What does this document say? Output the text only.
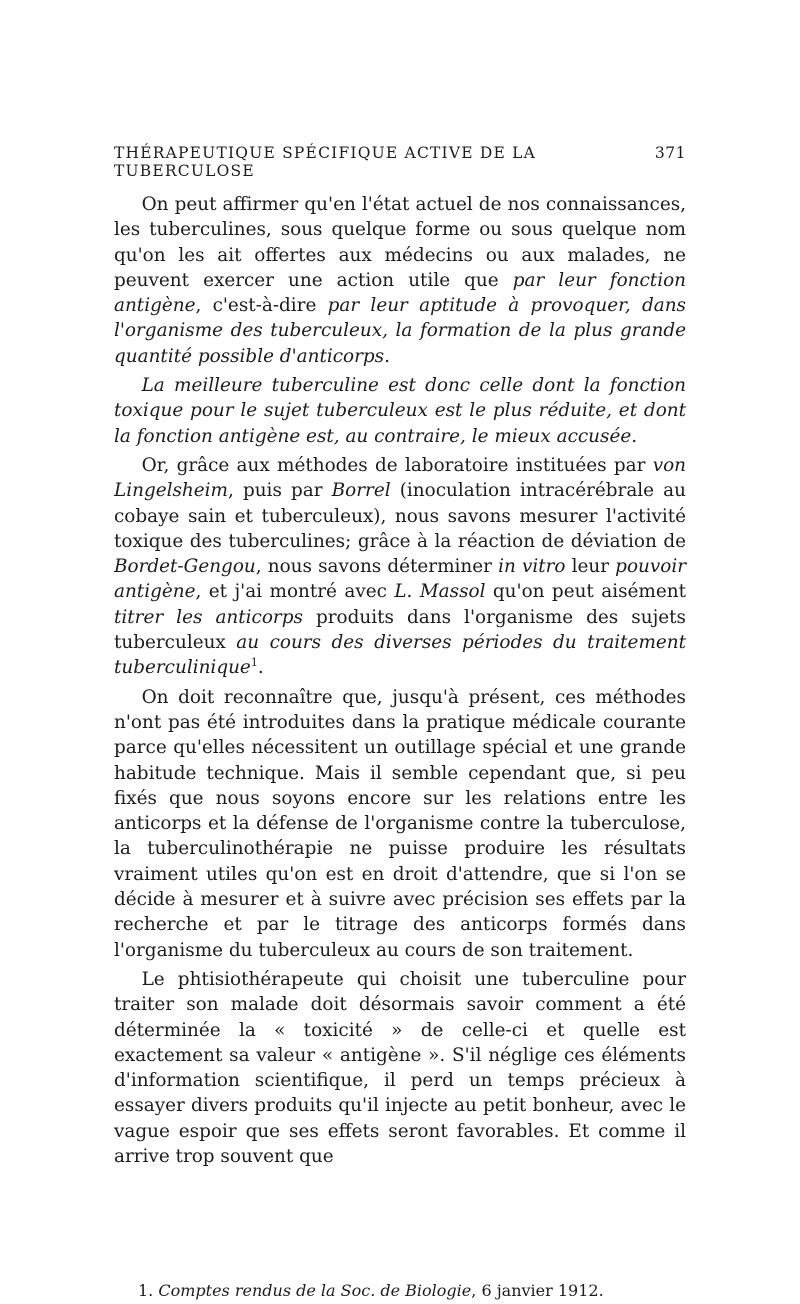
THÉRAPEUTIQUE SPÉCIFIQUE ACTIVE DE LA TUBERCULOSE
371

On peut affirmer qu'en l'état actuel de nos connaissances, les tuberculines, sous quelque forme ou sous quelque nom qu'on les ait offertes aux médecins ou aux malades, ne peuvent exercer une action utile que par leur fonction antigène, c'est-à-dire par leur aptitude à provoquer, dans l'organisme des tuberculeux, la formation de la plus grande quantité possible d'anticorps.

La meilleure tuberculine est donc celle dont la fonction toxique pour le sujet tuberculeux est le plus réduite, et dont la fonction antigène est, au contraire, le mieux accusée.

Or, grâce aux méthodes de laboratoire instituées par von Lingelsheim, puis par Borrel (inoculation intracérébrale au cobaye sain et tuberculeux), nous savons mesurer l'activité toxique des tuberculines; grâce à la réaction de déviation de Bordet-Gengou, nous savons déterminer in vitro leur pouvoir antigène, et j'ai montré avec L. Massol qu'on peut aisément titrer les anticorps produits dans l'organisme des sujets tuberculeux au cours des diverses périodes du traitement tuberculinique$^1$.

On doit reconnaître que, jusqu'à présent, ces méthodes n'ont pas été introduites dans la pratique médicale courante parce qu'elles nécessitent un outillage spécial et une grande habitude technique. Mais il semble cependant que, si peu fixés que nous soyons encore sur les relations entre les anticorps et la défense de l'organisme contre la tuberculose, la tuberculinothérapie ne puisse produire les résultats vraiment utiles qu'on est en droit d'attendre, que si l'on se décide à mesurer et à suivre avec précision ses effets par la recherche et par le titrage des anticorps formés dans l'organisme du tuberculeux au cours de son traitement.

Le phtisiothérapeute qui choisit une tuberculine pour traiter son malade doit désormais savoir comment a été déterminée la « toxicité » de celle-ci et quelle est exactement sa valeur « antigène ». S'il néglige ces éléments d'information scientifique, il perd un temps précieux à essayer divers produits qu'il injecte au petit bonheur, avec le vague espoir que ses effets seront favorables. Et comme il arrive trop souvent que

1. Comptes rendus de la Soc. de Biologie, 6 janvier 1912.
